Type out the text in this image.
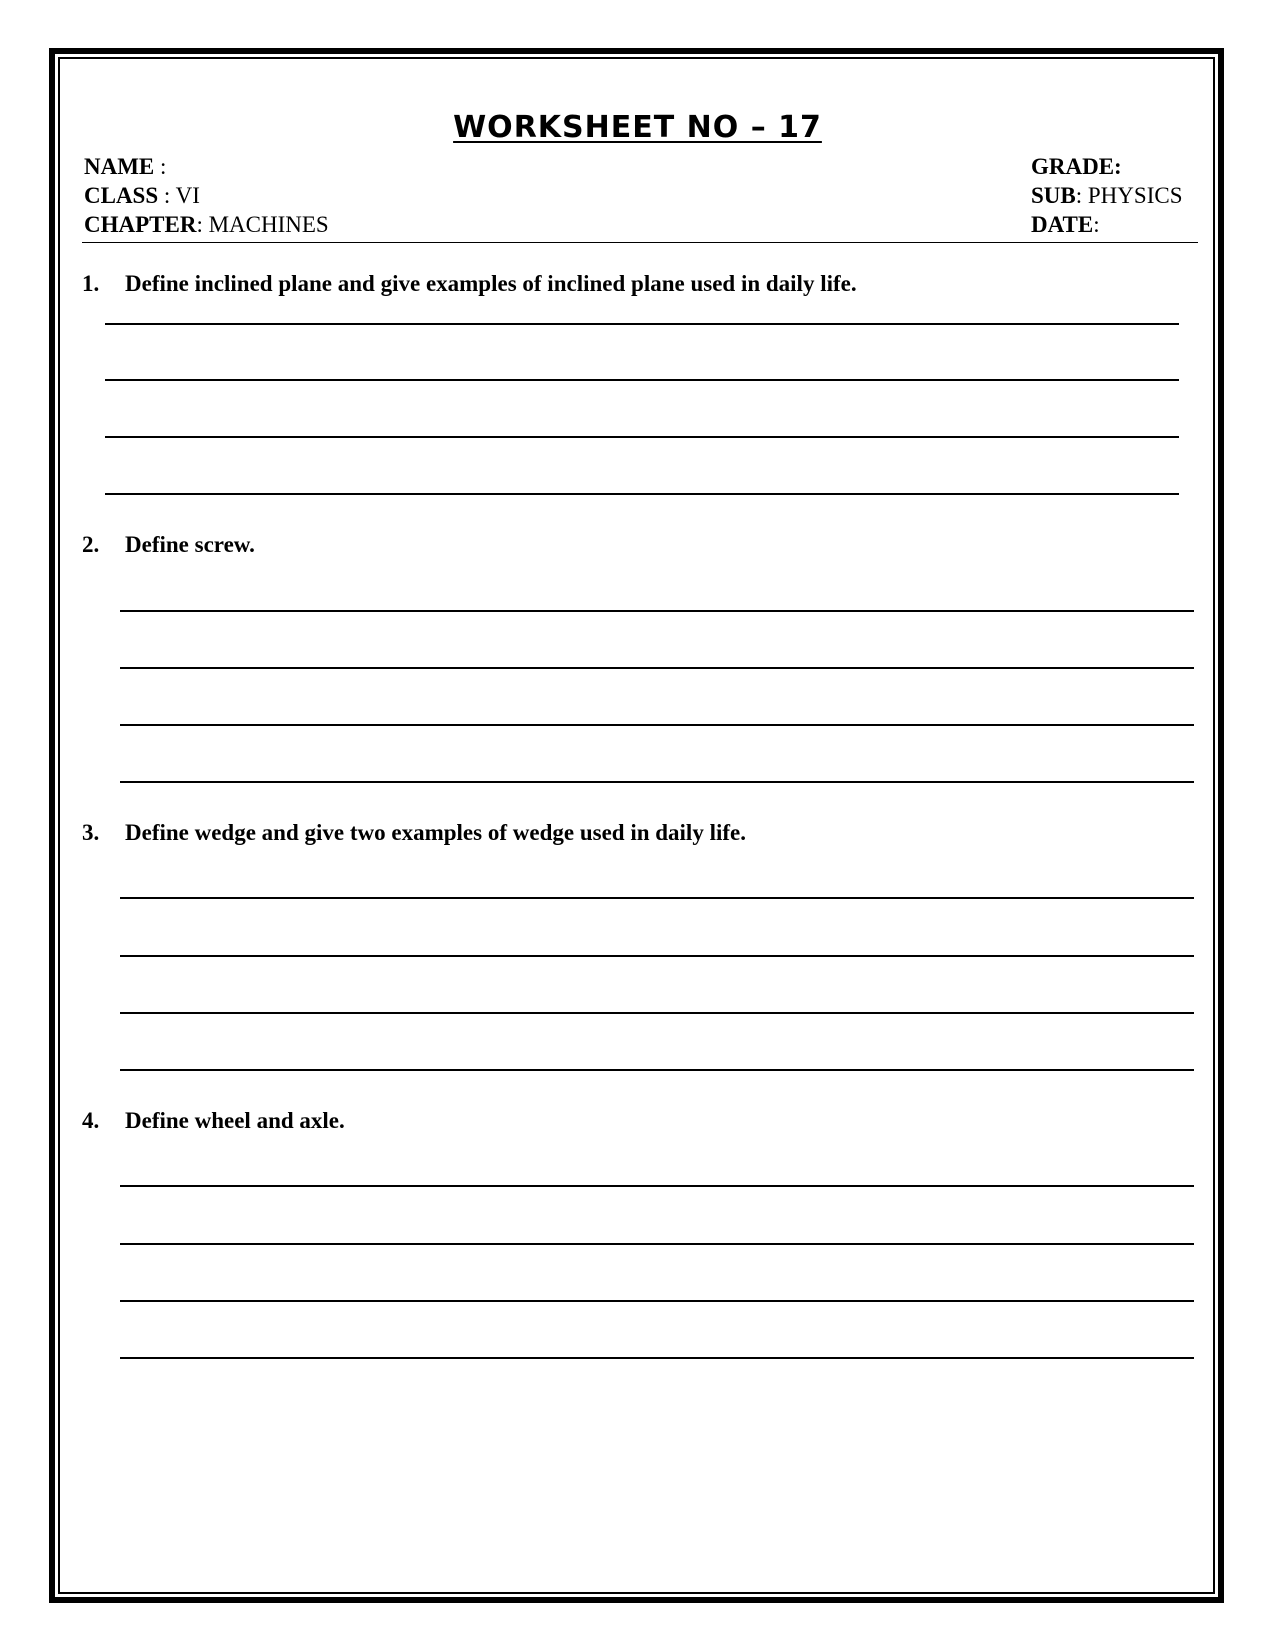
WORKSHEET NO – 17
NAME :
CLASS : VI
CHAPTER: MACHINES
GRADE:
SUB: PHYSICS
DATE:
1. Define inclined plane and give examples of inclined plane used in daily life.
2. Define screw.
3. Define wedge and give two examples of wedge used in daily life.
4. Define wheel and axle.
